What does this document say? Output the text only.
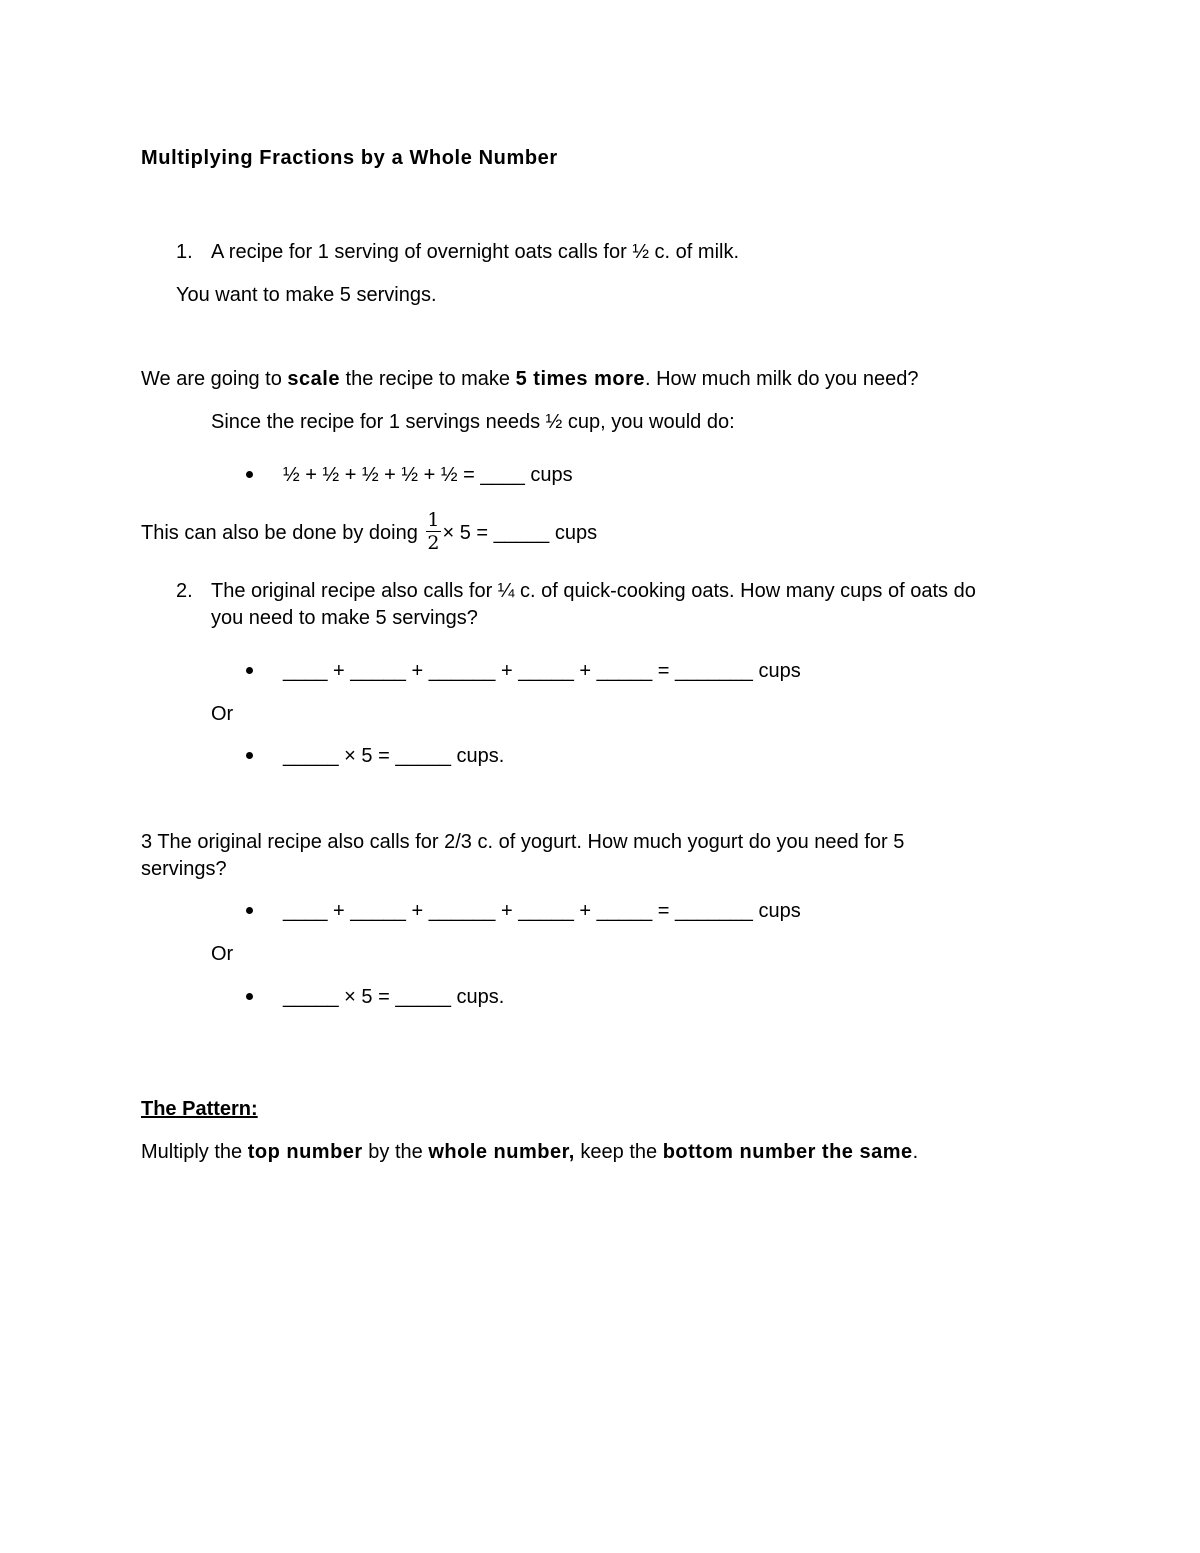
Multiplying Fractions by a Whole Number
1. A recipe for 1 serving of overnight oats calls for ½ c. of milk.
You want to make 5 servings.
We are going to scale the recipe to make 5 times more. How much milk do you need?
Since the recipe for 1 servings needs ½ cup, you would do:
½ + ½ + ½ + ½ + ½ = ____ cups
This can also be done by doing $\frac{1}{2} \times 5$ = _____ cups
2. The original recipe also calls for ¼ c. of quick-cooking oats. How many cups of oats do
you need to make 5 servings?
____ + _____ + ______ + _____ + _____ = _______ cups
Or
_____ × 5 = _____ cups.
3 The original recipe also calls for 2/3 c. of yogurt. How much yogurt do you need for 5
servings?
____ + _____ + ______ + _____ + _____ = _______ cups
Or
_____ × 5 = _____ cups.
The Pattern:
Multiply the top number by the whole number, keep the bottom number the same.
